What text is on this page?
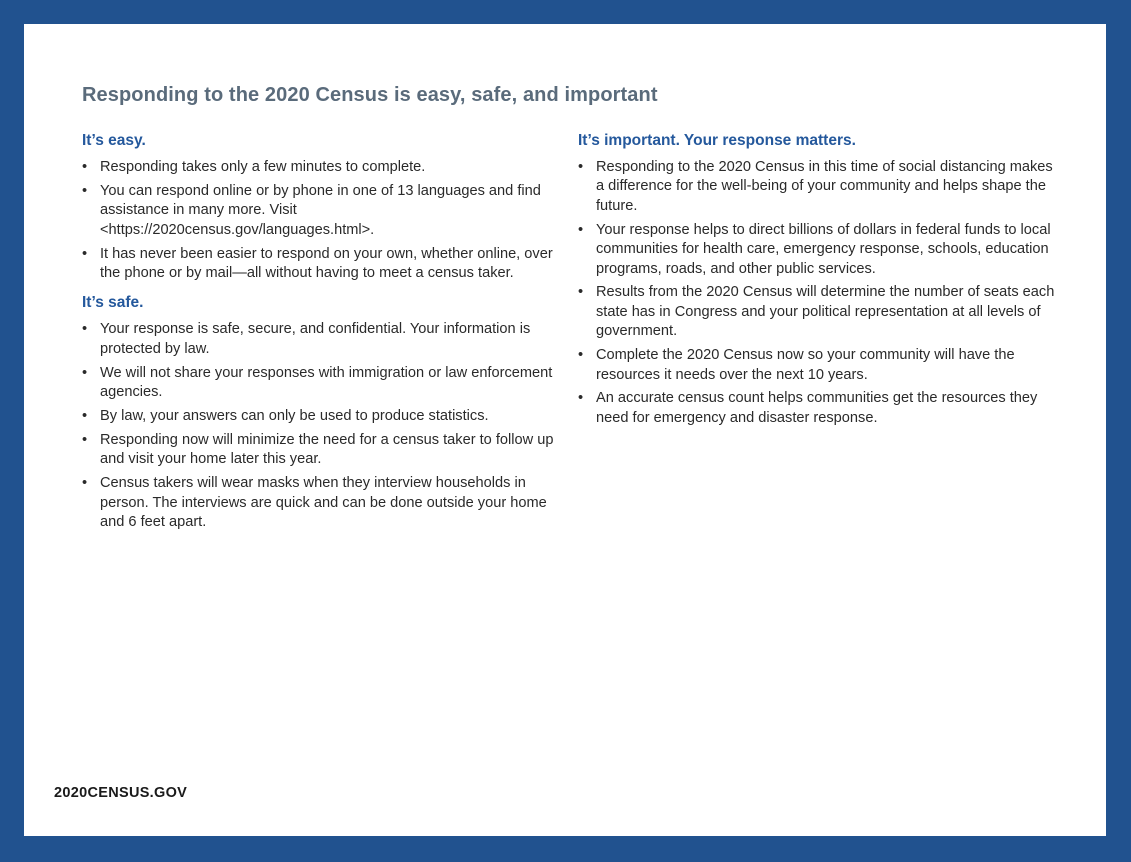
Responding to the 2020 Census is easy, safe, and important
It’s easy.
• Responding takes only a few minutes to complete.
• You can respond online or by phone in one of 13 languages and find assistance in many more. Visit <https://2020census.gov/languages.html>.
• It has never been easier to respond on your own, whether online, over the phone or by mail—all without having to meet a census taker.
It’s safe.
• Your response is safe, secure, and confidential. Your information is protected by law.
• We will not share your responses with immigration or law enforcement agencies.
• By law, your answers can only be used to produce statistics.
• Responding now will minimize the need for a census taker to follow up and visit your home later this year.
• Census takers will wear masks when they interview households in person. The interviews are quick and can be done outside your home and 6 feet apart.
It’s important. Your response matters.
• Responding to the 2020 Census in this time of social distancing makes a difference for the well-being of your community and helps shape the future.
• Your response helps to direct billions of dollars in federal funds to local communities for health care, emergency response, schools, education programs, roads, and other public services.
• Results from the 2020 Census will determine the number of seats each state has in Congress and your political representation at all levels of government.
• Complete the 2020 Census now so your community will have the resources it needs over the next 10 years.
• An accurate census count helps communities get the resources they need for emergency and disaster response.
2020CENSUS.GOV
